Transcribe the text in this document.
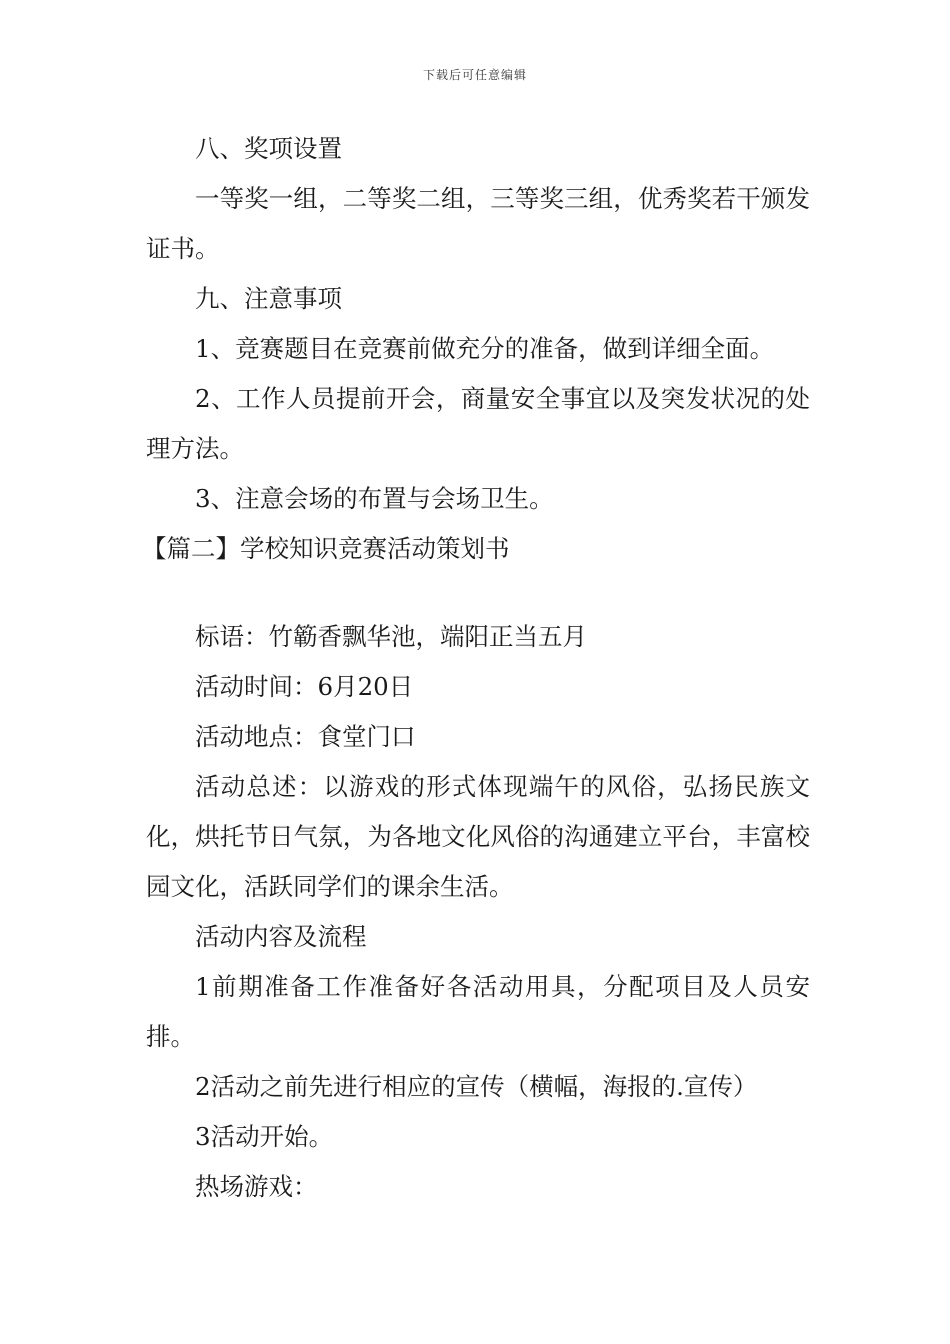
下载后可任意编辑

八、奖项设置

一等奖一组，二等奖二组，三等奖三组，优秀奖若干颁发证书。

九、注意事项

1、竞赛题目在竞赛前做充分的准备，做到详细全面。

2、工作人员提前开会，商量安全事宜以及突发状况的处理方法。

3、注意会场的布置与会场卫生。

【篇二】学校知识竞赛活动策划书

标语：竹簕香飘华池，端阳正当五月

活动时间：6月20日

活动地点：食堂门口

活动总述：以游戏的形式体现端午的风俗，弘扬民族文化，烘托节日气氛，为各地文化风俗的沟通建立平台，丰富校园文化，活跃同学们的课余生活。

活动内容及流程

1前期准备工作准备好各活动用具，分配项目及人员安排。

2活动之前先进行相应的宣传（横幅，海报的.宣传）

3活动开始。

热场游戏：
